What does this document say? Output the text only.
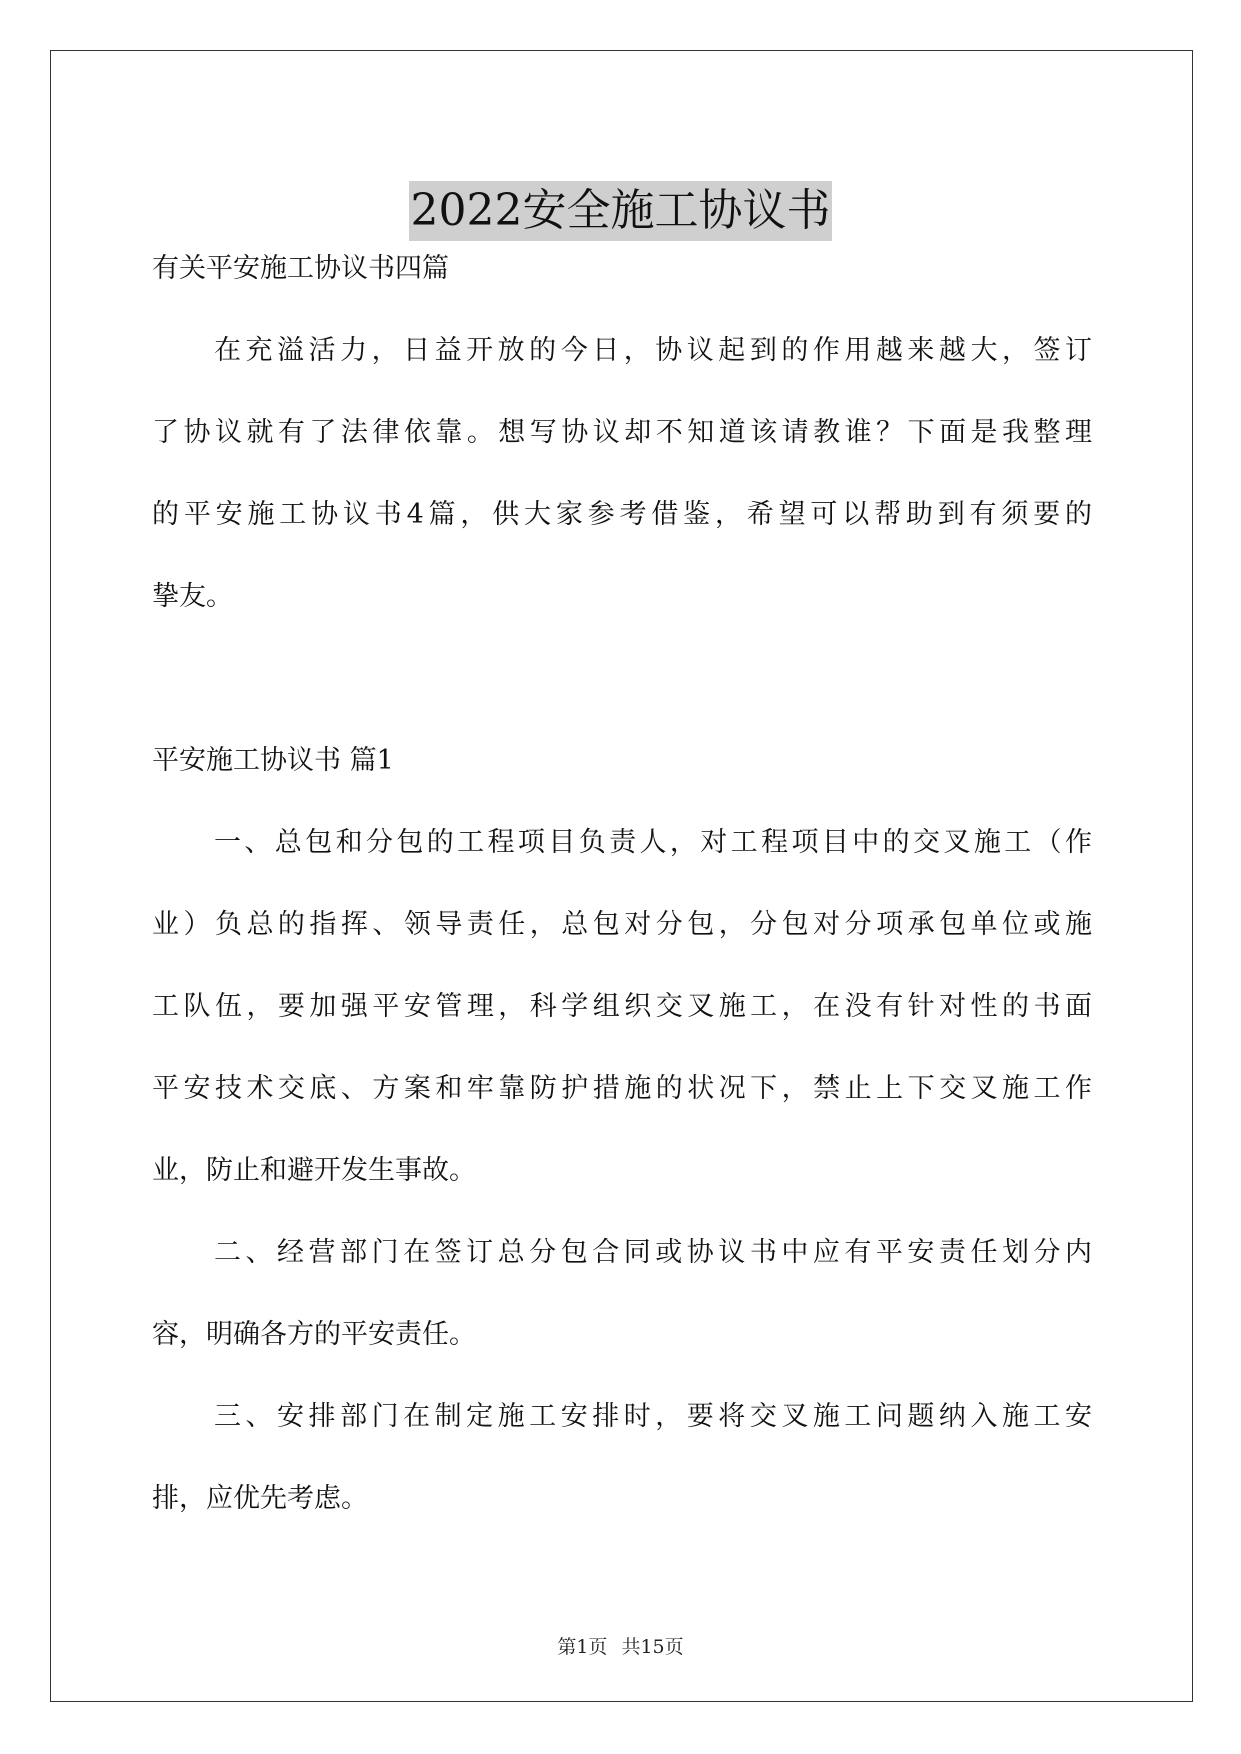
2022安全施工协议书
有关平安施工协议书四篇
在充溢活力，日益开放的今日，协议起到的作用越来越大，签订
了协议就有了法律依靠。想写协议却不知道该请教谁？下面是我整理
的平安施工协议书4篇，供大家参考借鉴，希望可以帮助到有须要的
挚友。
平安施工协议书 篇1
一、总包和分包的工程项目负责人，对工程项目中的交叉施工（作
业）负总的指挥、领导责任，总包对分包，分包对分项承包单位或施
工队伍，要加强平安管理，科学组织交叉施工，在没有针对性的书面
平安技术交底、方案和牢靠防护措施的状况下，禁止上下交叉施工作
业，防止和避开发生事故。
二、经营部门在签订总分包合同或协议书中应有平安责任划分内
容，明确各方的平安责任。
三、安排部门在制定施工安排时，要将交叉施工问题纳入施工安
排，应优先考虑。
第1页 共15页
